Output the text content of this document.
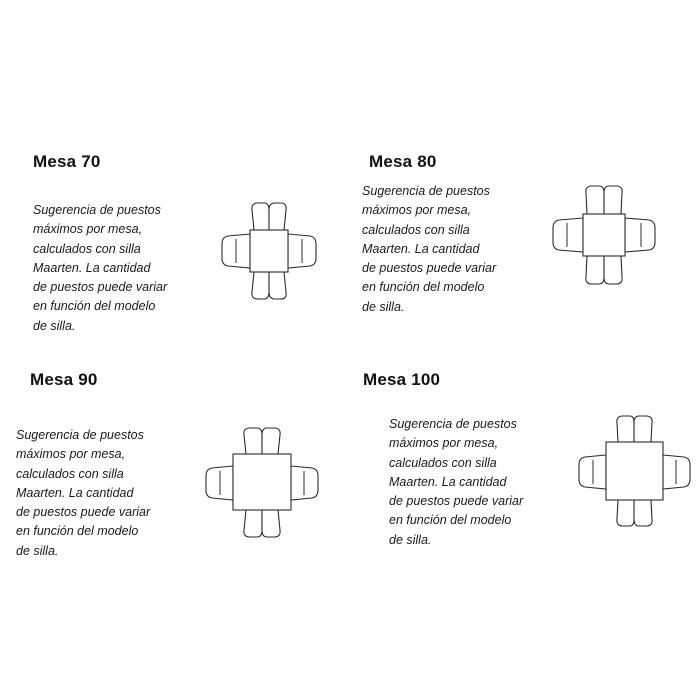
Mesa 70

Sugerencia de puestos
máximos por mesa,
calculados con silla
Maarten. La cantidad
de puestos puede variar
en función del modelo
de silla.

Mesa 80

Sugerencia de puestos
máximos por mesa,
calculados con silla
Maarten. La cantidad
de puestos puede variar
en función del modelo
de silla.

Mesa 90

Sugerencia de puestos
máximos por mesa,
calculados con silla
Maarten. La cantidad
de puestos puede variar
en función del modelo
de silla.

Mesa 100

Sugerencia de puestos
máximos por mesa,
calculados con silla
Maarten. La cantidad
de puestos puede variar
en función del modelo
de silla.
